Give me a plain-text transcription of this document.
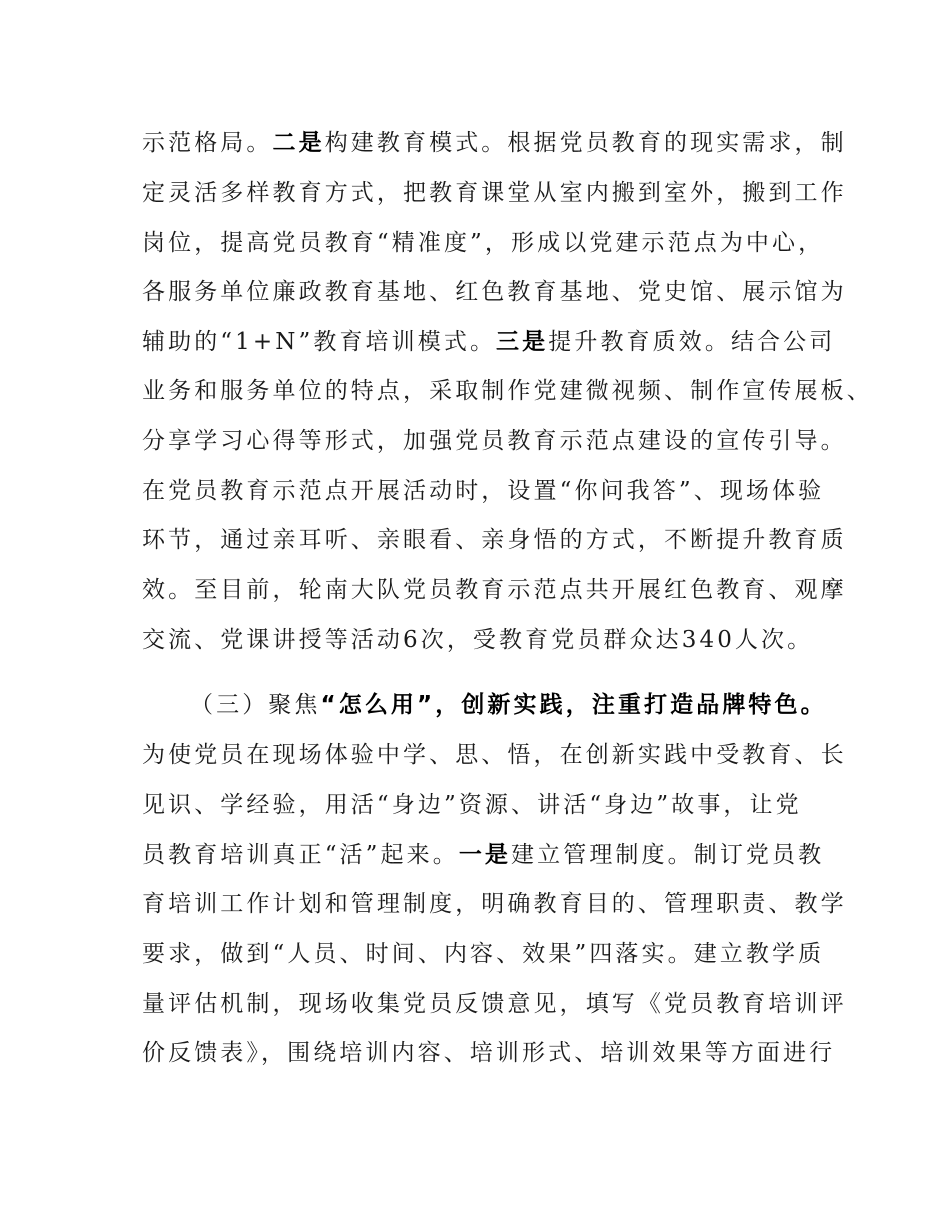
示范格局。二是构建教育模式。根据党员教育的现实需求，制
定灵活多样教育方式，把教育课堂从室内搬到室外，搬到工作
岗位，提高党员教育“精准度”，形成以党建示范点为中心，
各服务单位廉政教育基地、红色教育基地、党史馆、展示馆为
辅助的“1+N”教育培训模式。三是提升教育质效。结合公司
业务和服务单位的特点，采取制作党建微视频、制作宣传展板、
分享学习心得等形式，加强党员教育示范点建设的宣传引导。
在党员教育示范点开展活动时，设置“你问我答”、现场体验
环节，通过亲耳听、亲眼看、亲身悟的方式，不断提升教育质
效。至目前，轮南大队党员教育示范点共开展红色教育、观摩
交流、党课讲授等活动6次，受教育党员群众达340人次。
（三）聚焦“怎么用”，创新实践，注重打造品牌特色。
为使党员在现场体验中学、思、悟，在创新实践中受教育、长
见识、学经验，用活“身边”资源、讲活“身边”故事，让党
员教育培训真正“活”起来。一是建立管理制度。制订党员教
育培训工作计划和管理制度，明确教育目的、管理职责、教学
要求，做到“人员、时间、内容、效果”四落实。建立教学质
量评估机制，现场收集党员反馈意见，填写《党员教育培训评
价反馈表》，围绕培训内容、培训形式、培训效果等方面进行
